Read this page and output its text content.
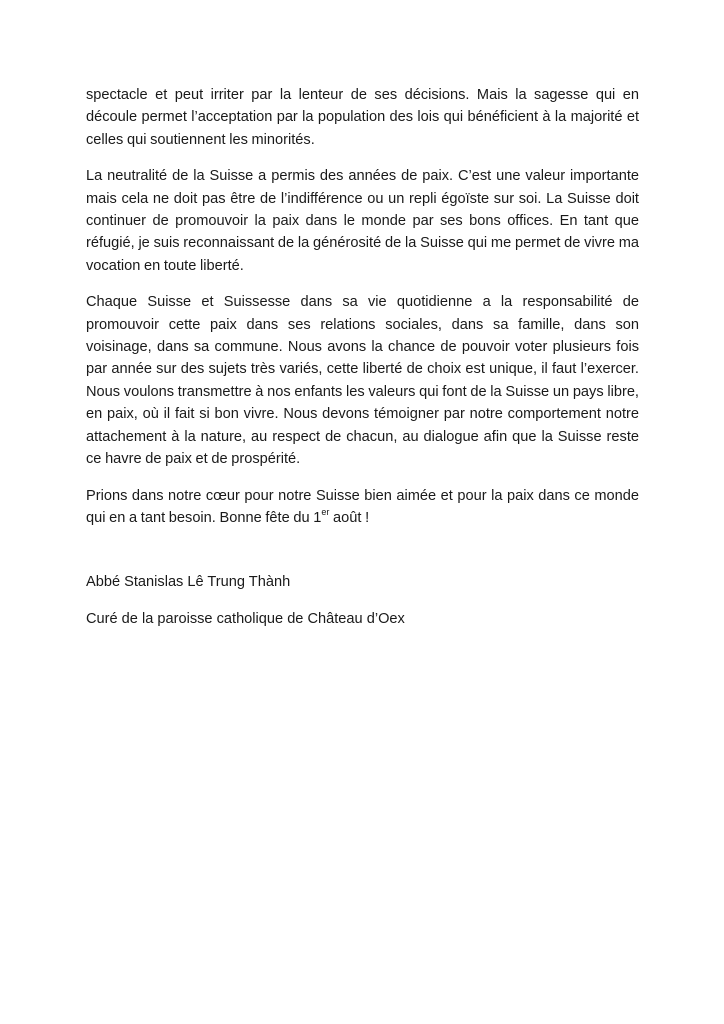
spectacle et peut irriter par la lenteur de ses décisions. Mais la sagesse qui en découle permet l’acceptation par la population des lois qui bénéficient à la majorité et celles qui soutiennent les minorités.

La neutralité de la Suisse a permis des années de paix. C’est une valeur importante mais cela ne doit pas être de l’indifférence ou un repli égoïste sur soi. La Suisse doit continuer de promouvoir la paix dans le monde par ses bons offices. En tant que réfugié, je suis reconnaissant de la générosité de la Suisse qui me permet de vivre ma vocation en toute liberté.

Chaque Suisse et Suissesse dans sa vie quotidienne a la responsabilité de promouvoir cette paix dans ses relations sociales, dans sa famille, dans son voisinage, dans sa commune. Nous avons la chance de pouvoir voter plusieurs fois par année sur des sujets très variés, cette liberté de choix est unique, il faut l’exercer. Nous voulons transmettre à nos enfants les valeurs qui font de la Suisse un pays libre, en paix, où il fait si bon vivre. Nous devons témoigner par notre comportement notre attachement à la nature, au respect de chacun, au dialogue afin que la Suisse reste ce havre de paix et de prospérité.

Prions dans notre cœur pour notre Suisse bien aimée et pour la paix dans ce monde qui en a tant besoin. Bonne fête du 1er août !

Abbé Stanislas Lê Trung Thành

Curé de la paroisse catholique de Château d’Oex
